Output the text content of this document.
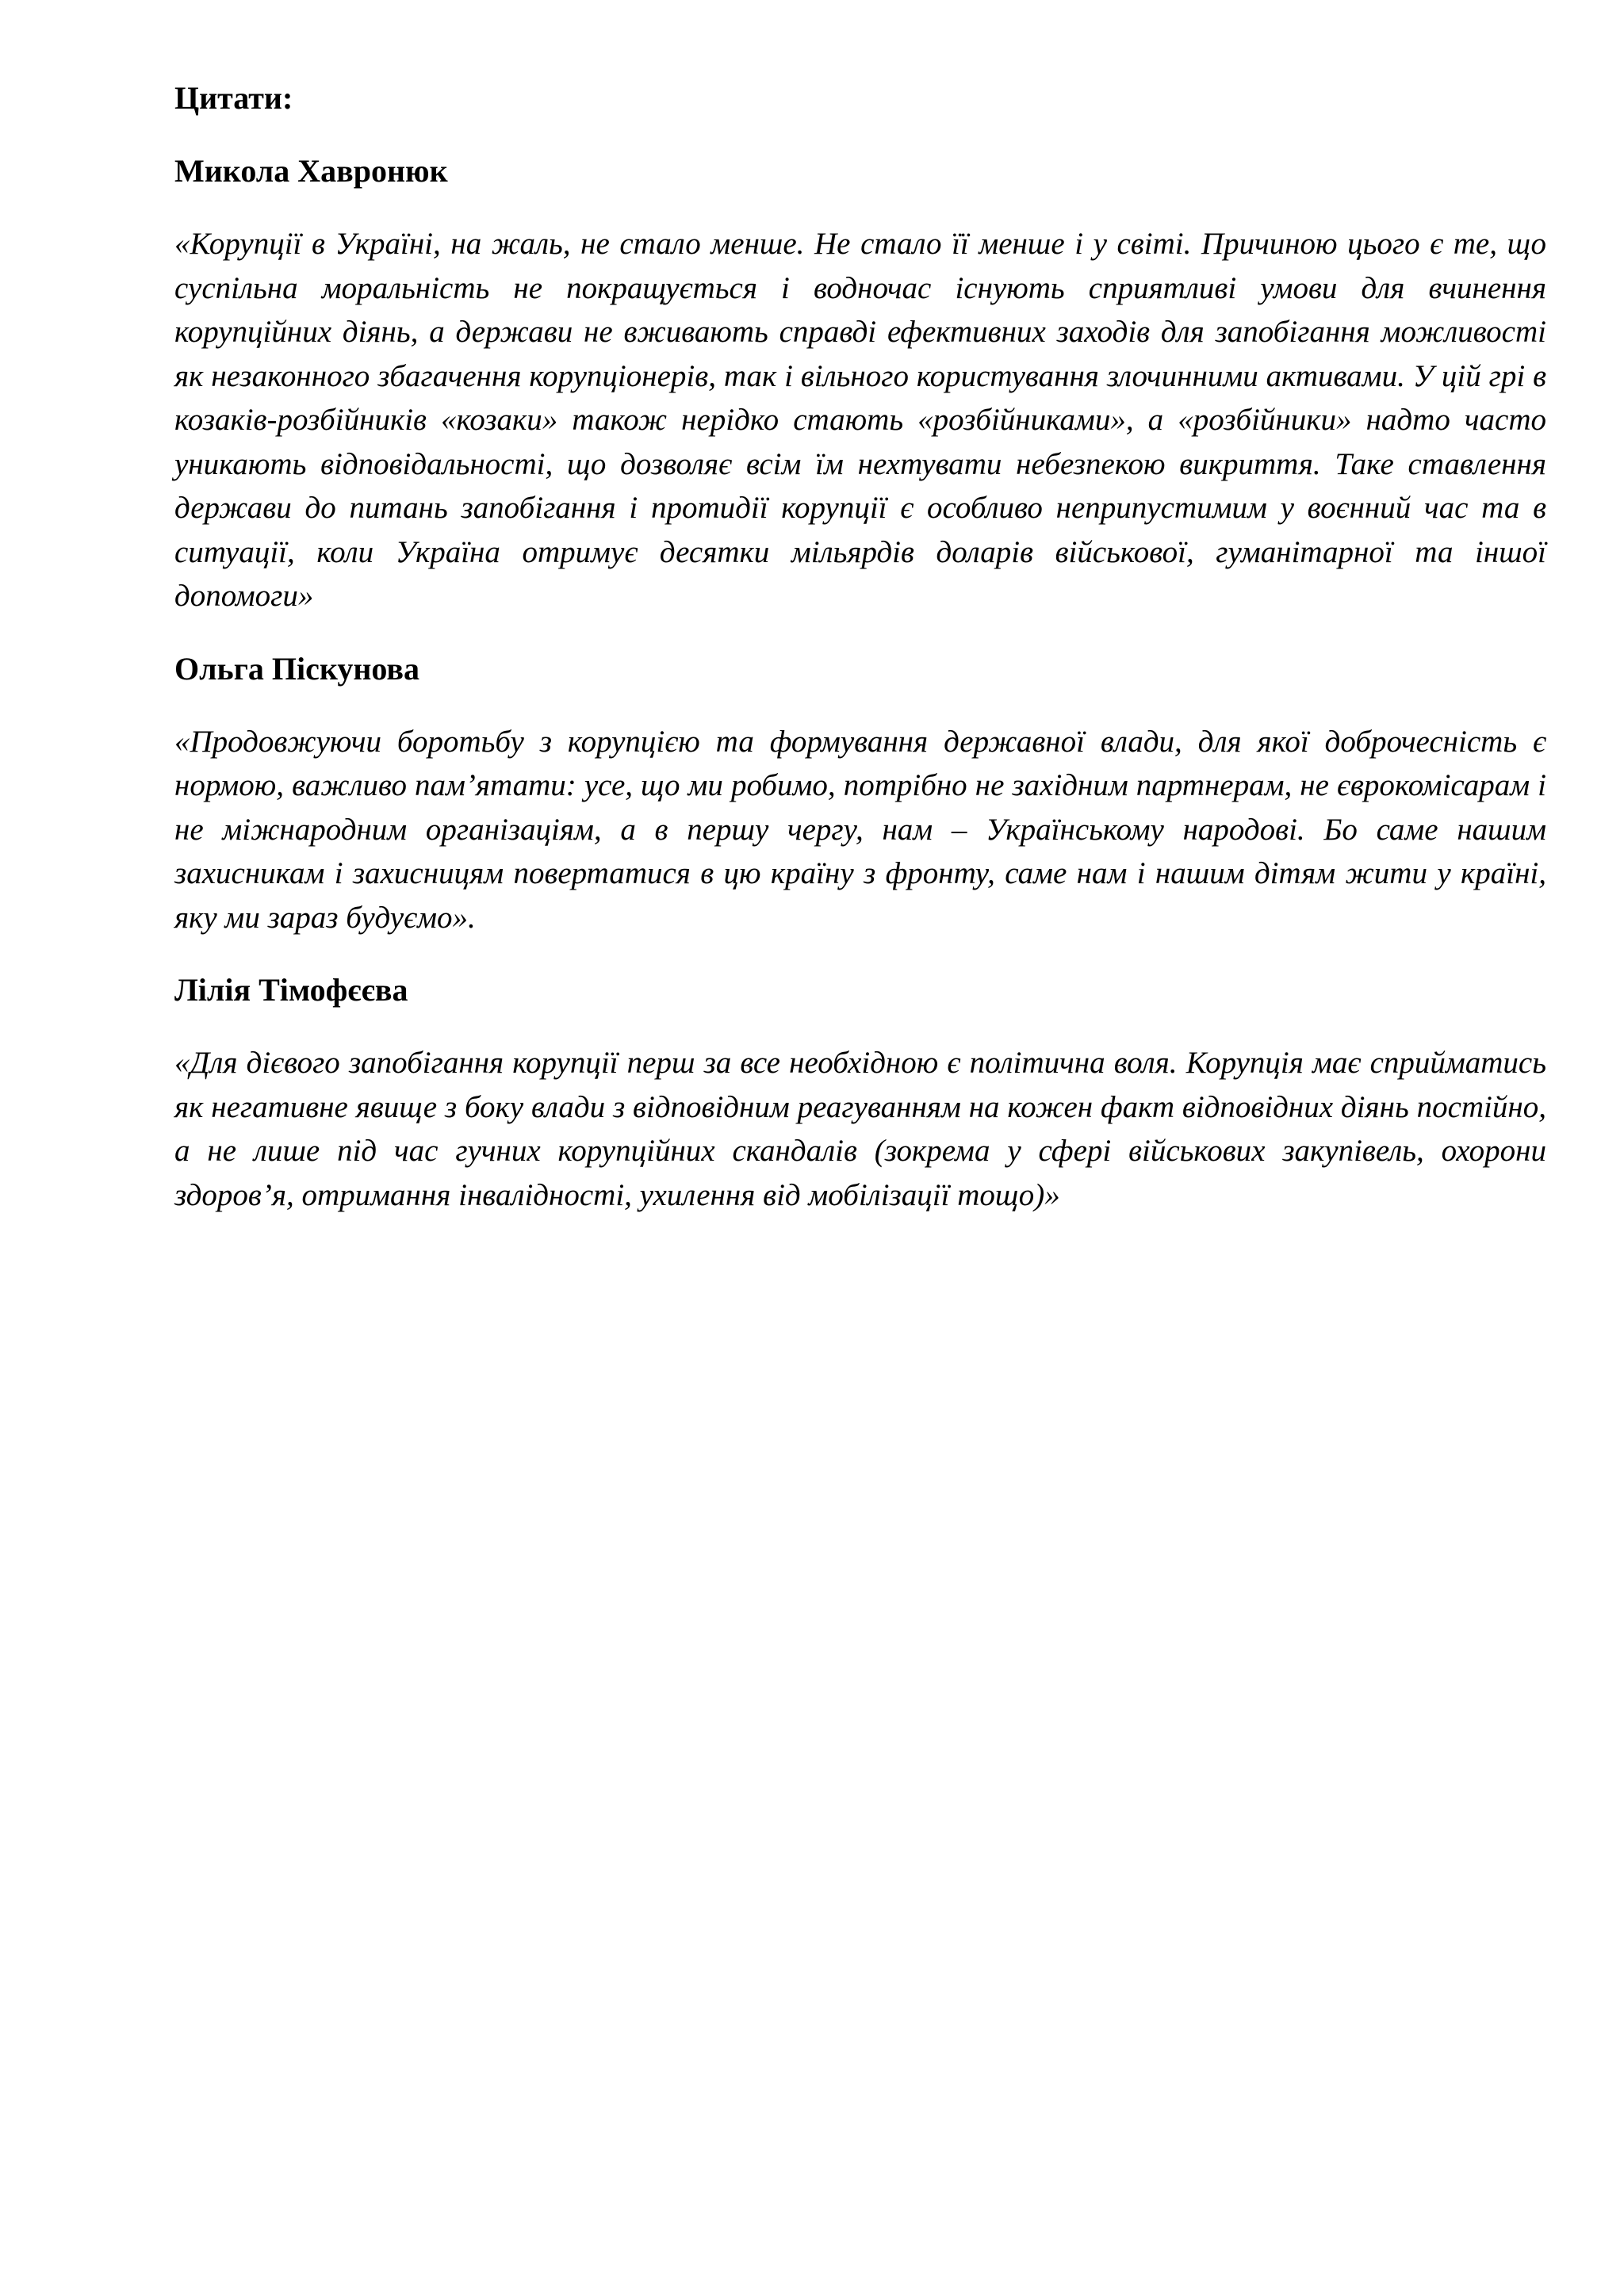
Цитати:
Микола Хавронюк

«Корупції в Україні, на жаль, не стало менше. Не стало її менше і у світі. Причиною цього є те, що суспільна моральність не покращується і водночас існують сприятливі умови для вчинення корупційних діянь, а держави не вживають справді ефективних заходів для запобігання можливості як незаконного збагачення корупціонерів, так і вільного користування злочинними активами. У цій грі в козаків-розбійників «козаки» також нерідко стають «розбійниками», а «розбійники» надто часто уникають відповідальності, що дозволяє всім їм нехтувати небезпекою викриття. Таке ставлення держави до питань запобігання і протидії корупції є особливо неприпустимим у воєнний час та в ситуації, коли Україна отримує десятки мільярдів доларів військової, гуманітарної та іншої допомоги»

Ольга Піскунова

«Продовжуючи боротьбу з корупцією та формування державної влади, для якої доброчесність є нормою, важливо пам’ятати: усе, що ми робимо, потрібно не західним партнерам, не єврокомісарам і не міжнародним організаціям, а в першу чергу, нам – Українському народові. Бо саме нашим захисникам і захисницям повертатися в цю країну з фронту, саме нам і нашим дітям жити у країні, яку ми зараз будуємо».

Лілія Тімофєєва

«Для дієвого запобігання корупції перш за все необхідною є політична воля. Корупція має сприйматись як негативне явище з боку влади з відповідним реагуванням на кожен факт відповідних діянь постійно, а не лише під час гучних корупційних скандалів (зокрема у сфері військових закупівель, охорони здоров’я, отримання інвалідності, ухилення від мобілізації тощо)»
